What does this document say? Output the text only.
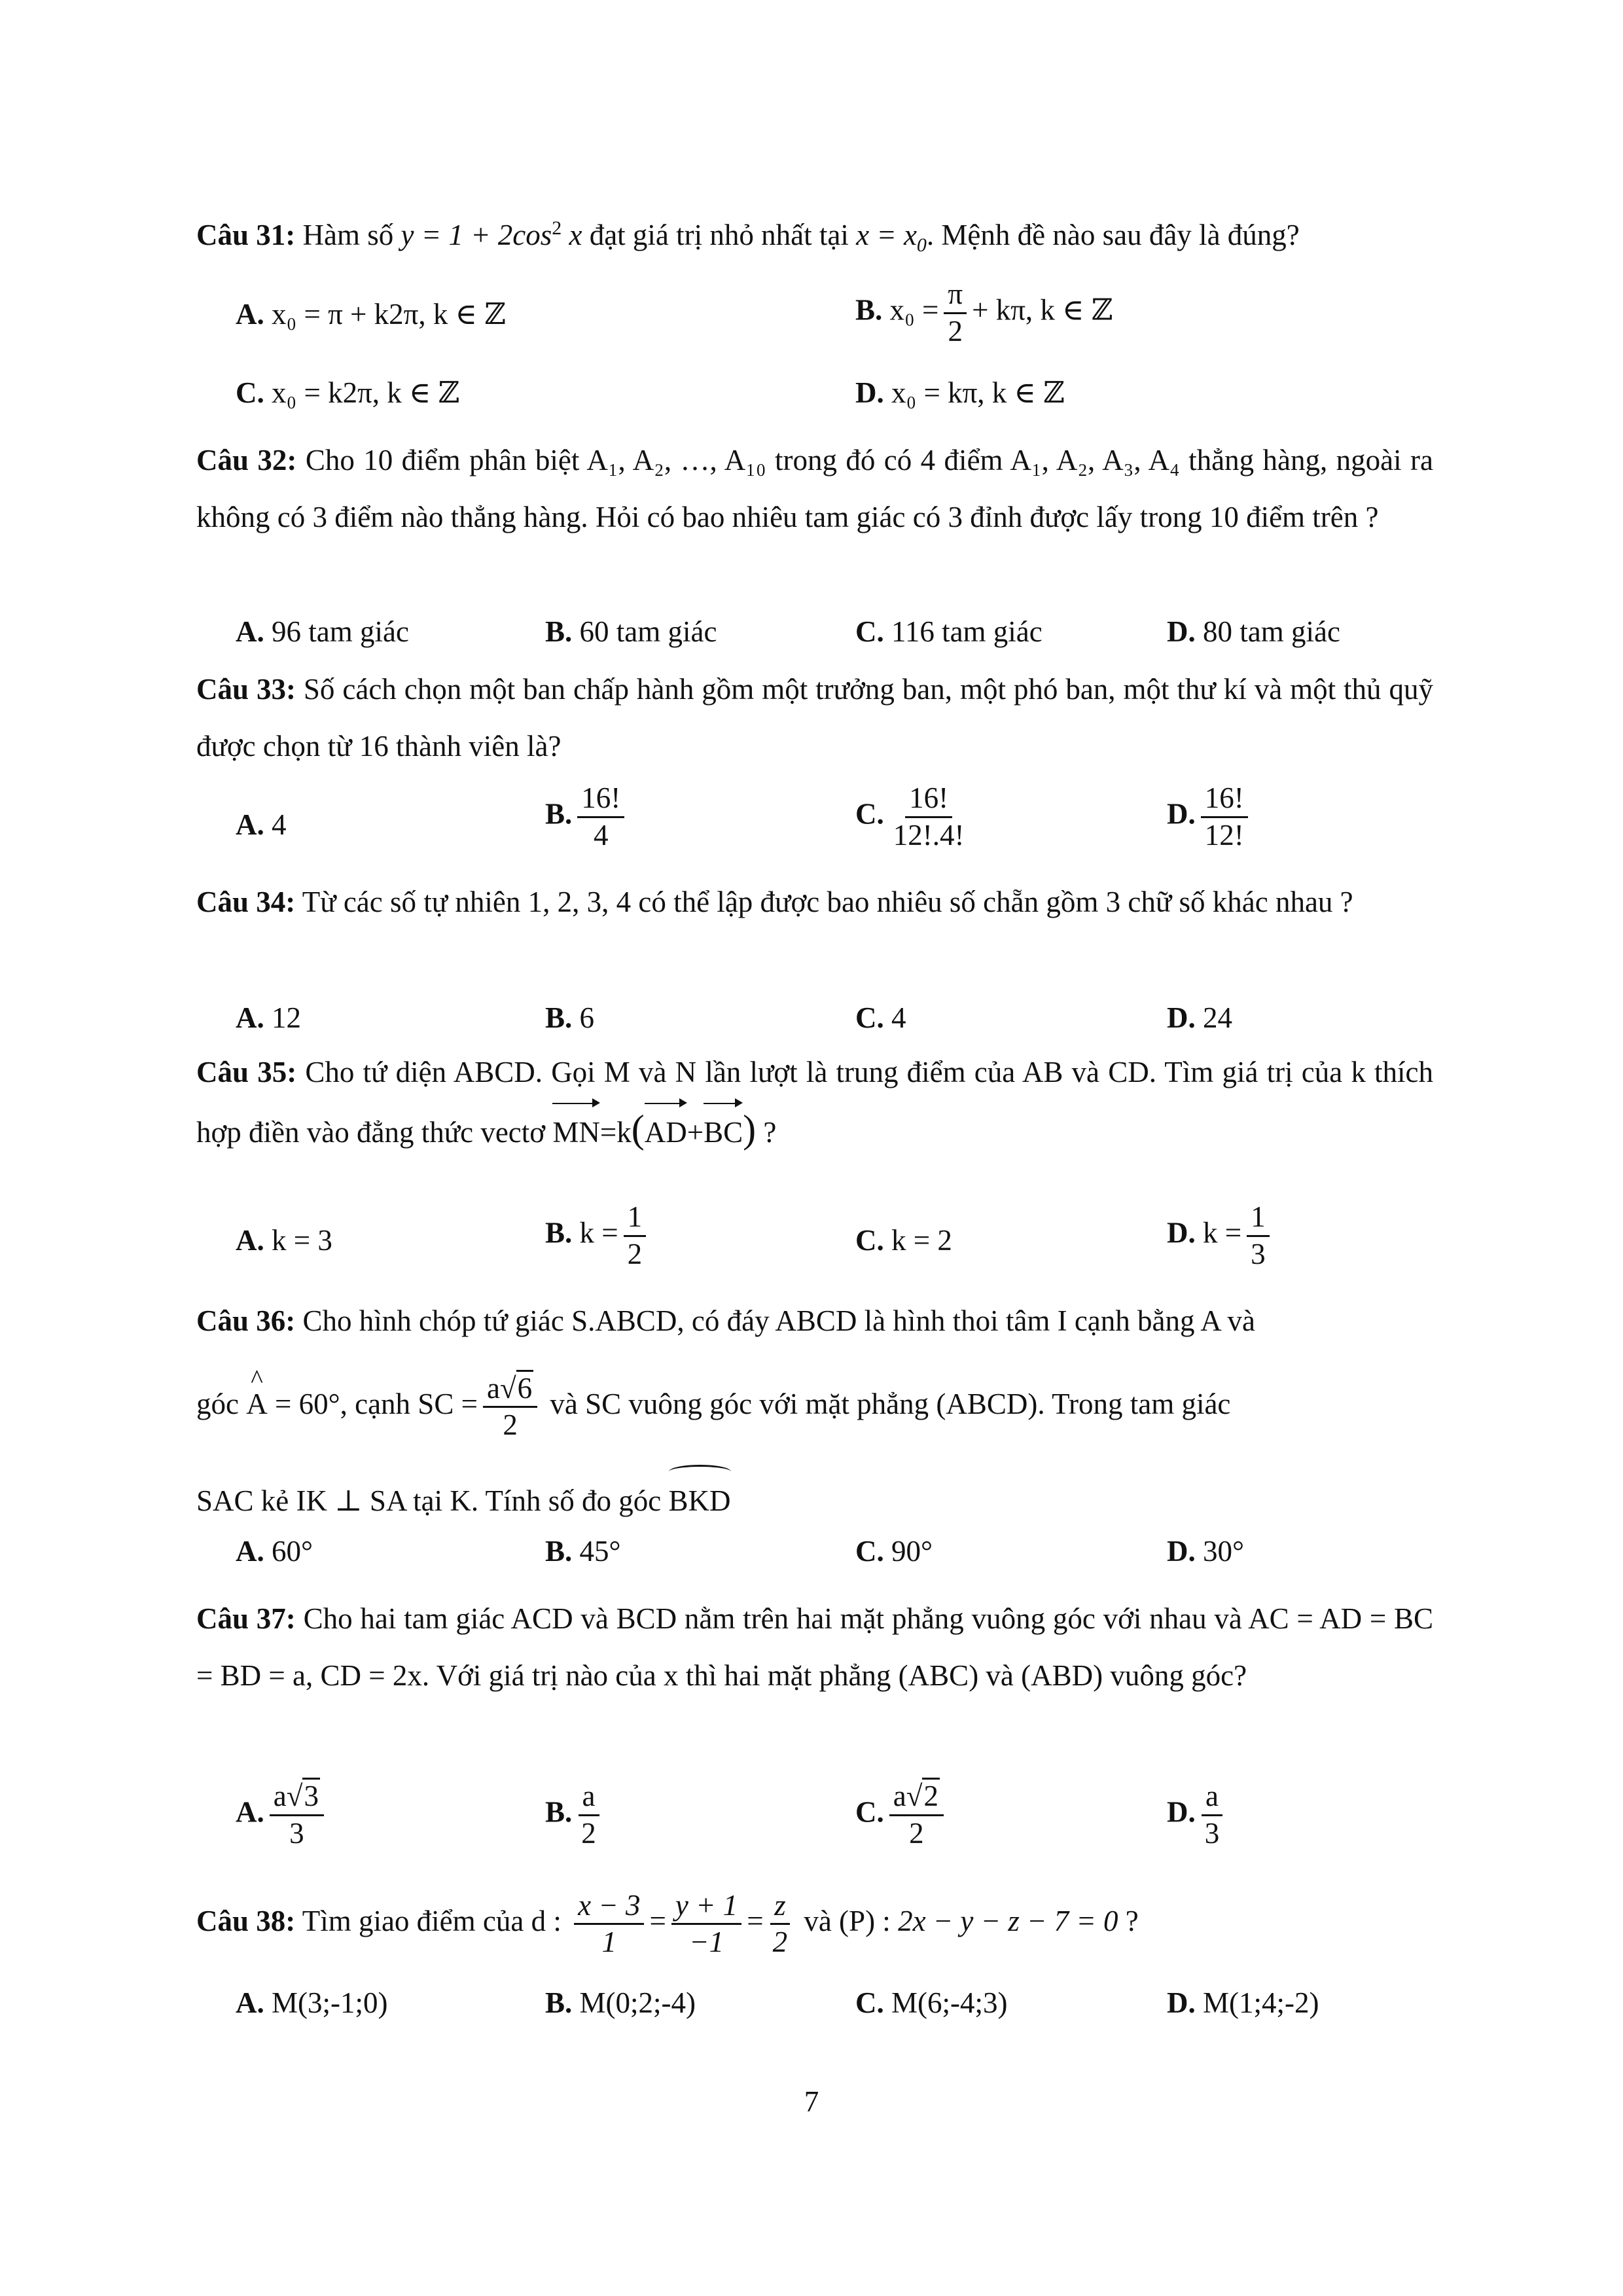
Câu 31: Hàm số $y = 1 + 2\cos^2$ x đạt giá trị nhỏ nhất tại $x = x_0$. Mệnh đề nào sau đây là đúng?
A. x₀ = π + k2π, k ∈ ℤ	B. $x_0 = \frac{\pi}{2} + k\pi$, k ∈ ℤ
C. x₀ = k2π, k ∈ ℤ	D. x₀ = kπ, k ∈ ℤ
Câu 32: Cho 10 điểm phân biệt A₁, A₂, …, A₁₀ trong đó có 4 điểm A₁, A₂, A₃, A₄ thẳng hàng, ngoài ra không có 3 điểm nào thẳng hàng. Hỏi có bao nhiêu tam giác có 3 đỉnh được lấy trong 10 điểm trên ?
A. 96 tam giác	B. 60 tam giác	C. 116 tam giác	D. 80 tam giác
Câu 33: Số cách chọn một ban chấp hành gồm một trưởng ban, một phó ban, một thư kí và một thủ quỹ được chọn từ 16 thành viên là?
A. 4	B. $\frac{16!}{4}$	C. $\frac{16!}{12!.4!}$	D. $\frac{16!}{12!}$
Câu 34: Từ các số tự nhiên 1, 2, 3, 4 có thể lập được bao nhiêu số chẵn gồm 3 chữ số khác nhau ?
A. 12	B. 6	C. 4	D. 24
Câu 35: Cho tứ diện ABCD. Gọi M và N lần lượt là trung điểm của AB và CD. Tìm giá trị của k thích hợp điền vào đẳng thức vectơ MN=k(AD+BC) ?
A. k = 3	B. $k = \frac{1}{2}$	C. k = 2	D. $k = \frac{1}{3}$
Câu 36: Cho hình chóp tứ giác S.ABCD, có đáy ABCD là hình thoi tâm I cạnh bằng A và
góc ^ A = 60°, cạnh SC = $\frac{a√6}{2}$ và SC vuông góc với mặt phẳng (ABCD). Trong tam giác
SAC kẻ IK ⊥ SA tại K. Tính số đo góc BKD
A. 60°	B. 45°	C. 90°	D. 30°
Câu 37: Cho hai tam giác ACD và BCD nằm trên hai mặt phẳng vuông góc với nhau và AC = AD = BC = BD = a, CD = 2x. Với giá trị nào của x thì hai mặt phẳng (ABC) và (ABD) vuông góc?
A. $\frac{a√3}{3}$	B. $\frac{a}{2}$	C. $\frac{a√2}{2}$	D. $\frac{a}{3}$
Câu 38: Tìm giao điểm của d : $\frac{x - 3}{1} = \frac{y + 1}{-1} = \frac{z}{2}$ và (P) : 2x − y − z − 7 = 0 ?
A. M(3;-1;0)	B. M(0;2;-4)	C. M(6;-4;3)	D. M(1;4;-2)
7
